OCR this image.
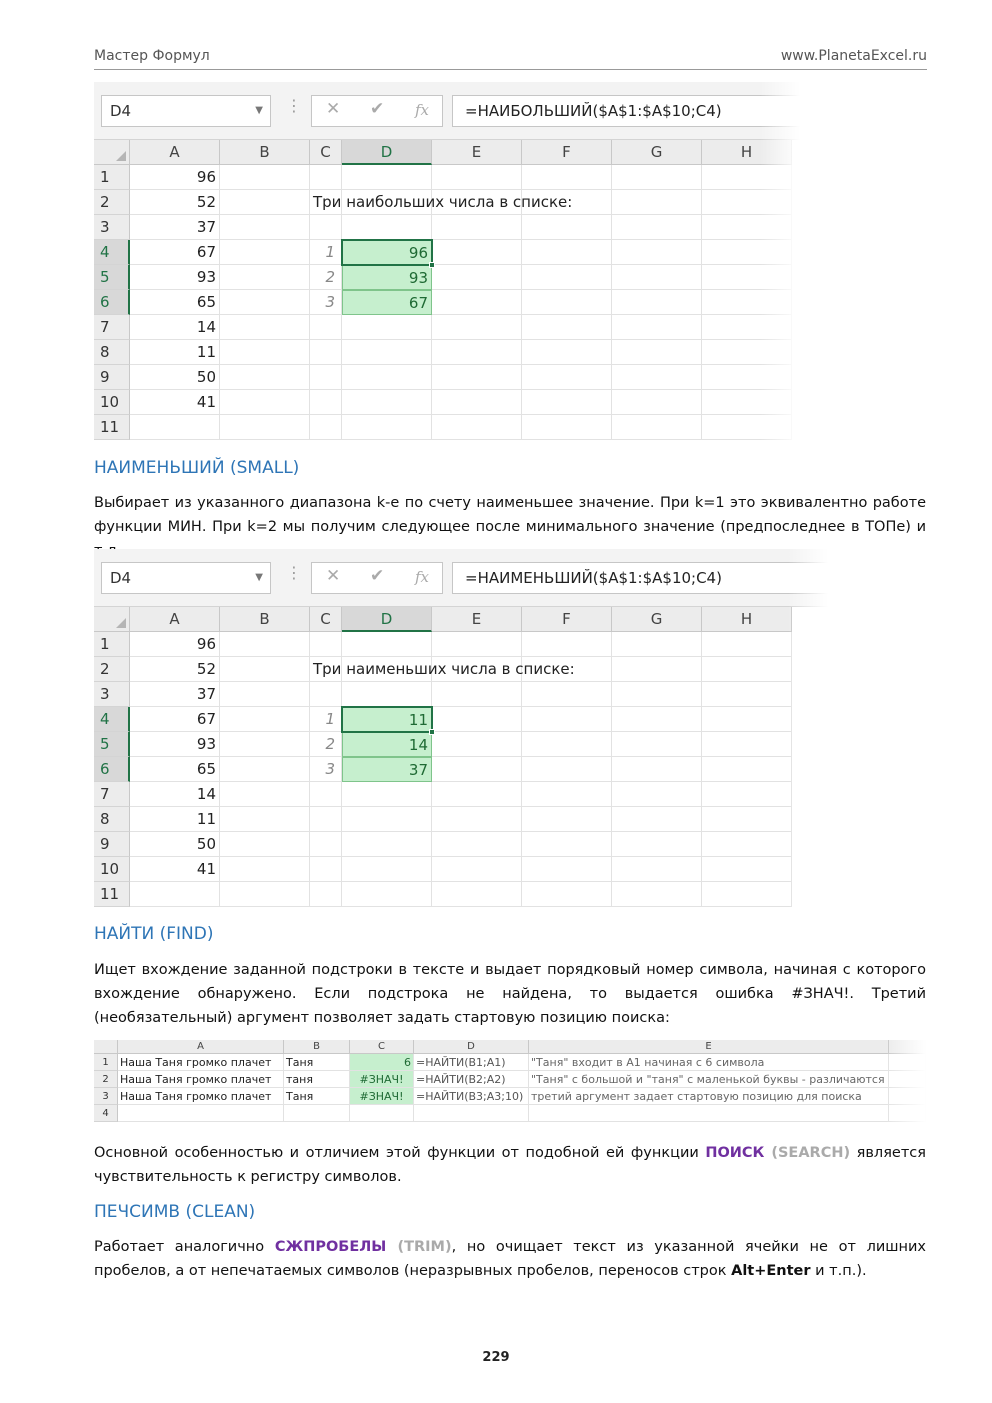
Мастер Формул	www.PlanetaExcel.ru
D4	▼ ⋮ ✕ ✔ fx	=НАИБОЛЬШИЙ($A$1:$A$10;C4)
A	B	C	D	E	F	G	H
1	96
2	52
3	37
4	67	1	96
5	93	2	93
6	65	3	67
7	14
8	11
9	50
10	41
11
Три наибольших числа в списке:
НАИМЕНЬШИЙ (SMALL)
Выбирает из указанного диапазона k-е по счету наименьшее значение. При k=1 это эквивалентно работе функции МИН. При k=2 мы получим следующее после минимального значение (предпоследнее в ТОПе) и
D4	▼ ⋮ ✕ ✔ fx	=НАИМЕНЬШИЙ($A$1:$A$10;C4)
A	B	C	D	E	F	G	H
1	96
2	52
3	37
4	67	1	11
5	93	2	14
6	65	3	37
7	14
8	11
9	50
10	41
11
Три наименьших числа в списке:
НАЙТИ (FIND)
Ищет вхождение заданной подстроки в тексте и выдает порядковый номер символа, начиная с которого вхождение обнаружено. Если подстрока не найдена, то выдается ошибка #ЗНАЧ!. Третий (необязательный) аргумент позволяет задать стартовую позицию поиска:
A	B	C	D	E
1	Наша Таня громко плачет	Таня	6 =НАЙТИ(B1;A1)	"Таня" входит в A1 начиная с 6 символа
2	Наша Таня громко плачет	таня	#ЗНАЧ!	=НАЙТИ(B2;A2)	"Таня" с большой и "таня" с маленькой буквы - различаются
3	Наша Таня громко плачет	Таня	#ЗНАЧ!	=НАЙТИ(B3;A3;10) третий аргумент задает стартовую позицию для поиска
4
Основной особенностью и отличием этой функции от подобной ей функции ПОИСК (SEARCH) является чувствительность к регистру символов.
ПЕЧСИМВ (CLEAN)
Работает аналогично СЖПРОБЕЛЫ (TRIM), но очищает текст из указанной ячейки не от лишних пробелов, а от непечатаемых символов (неразрывных пробелов, переносов строк Alt+Enter и т.п.).
229
